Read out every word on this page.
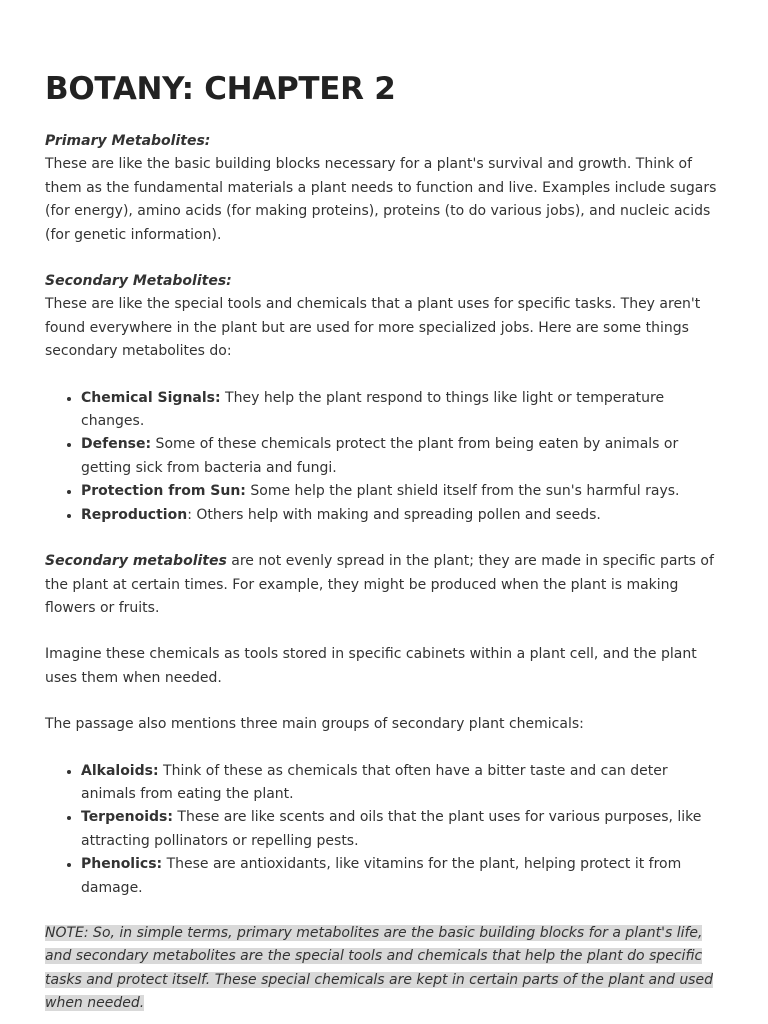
BOTANY: CHAPTER 2

Primary Metabolites:

These are like the basic building blocks necessary for a plant's survival and growth. Think of them as the fundamental materials a plant needs to function and live. Examples include sugars (for energy), amino acids (for making proteins), proteins (to do various jobs), and nucleic acids (for genetic information).

Secondary Metabolites:

These are like the special tools and chemicals that a plant uses for specific tasks. They aren't found everywhere in the plant but are used for more specialized jobs. Here are some things secondary metabolites do:

• Chemical Signals: They help the plant respond to things like light or temperature changes.
• Defense: Some of these chemicals protect the plant from being eaten by animals or getting sick from bacteria and fungi.
• Protection from Sun: Some help the plant shield itself from the sun's harmful rays.
• Reproduction: Others help with making and spreading pollen and seeds.

Secondary metabolites are not evenly spread in the plant; they are made in specific parts of the plant at certain times. For example, they might be produced when the plant is making flowers or fruits.

Imagine these chemicals as tools stored in specific cabinets within a plant cell, and the plant uses them when needed.

The passage also mentions three main groups of secondary plant chemicals:

• Alkaloids: Think of these as chemicals that often have a bitter taste and can deter animals from eating the plant.
• Terpenoids: These are like scents and oils that the plant uses for various purposes, like attracting pollinators or repelling pests.
• Phenolics: These are antioxidants, like vitamins for the plant, helping protect it from damage.

NOTE: So, in simple terms, primary metabolites are the basic building blocks for a plant's life, and secondary metabolites are the special tools and chemicals that help the plant do specific tasks and protect itself. These special chemicals are kept in certain parts of the plant and used when needed.
